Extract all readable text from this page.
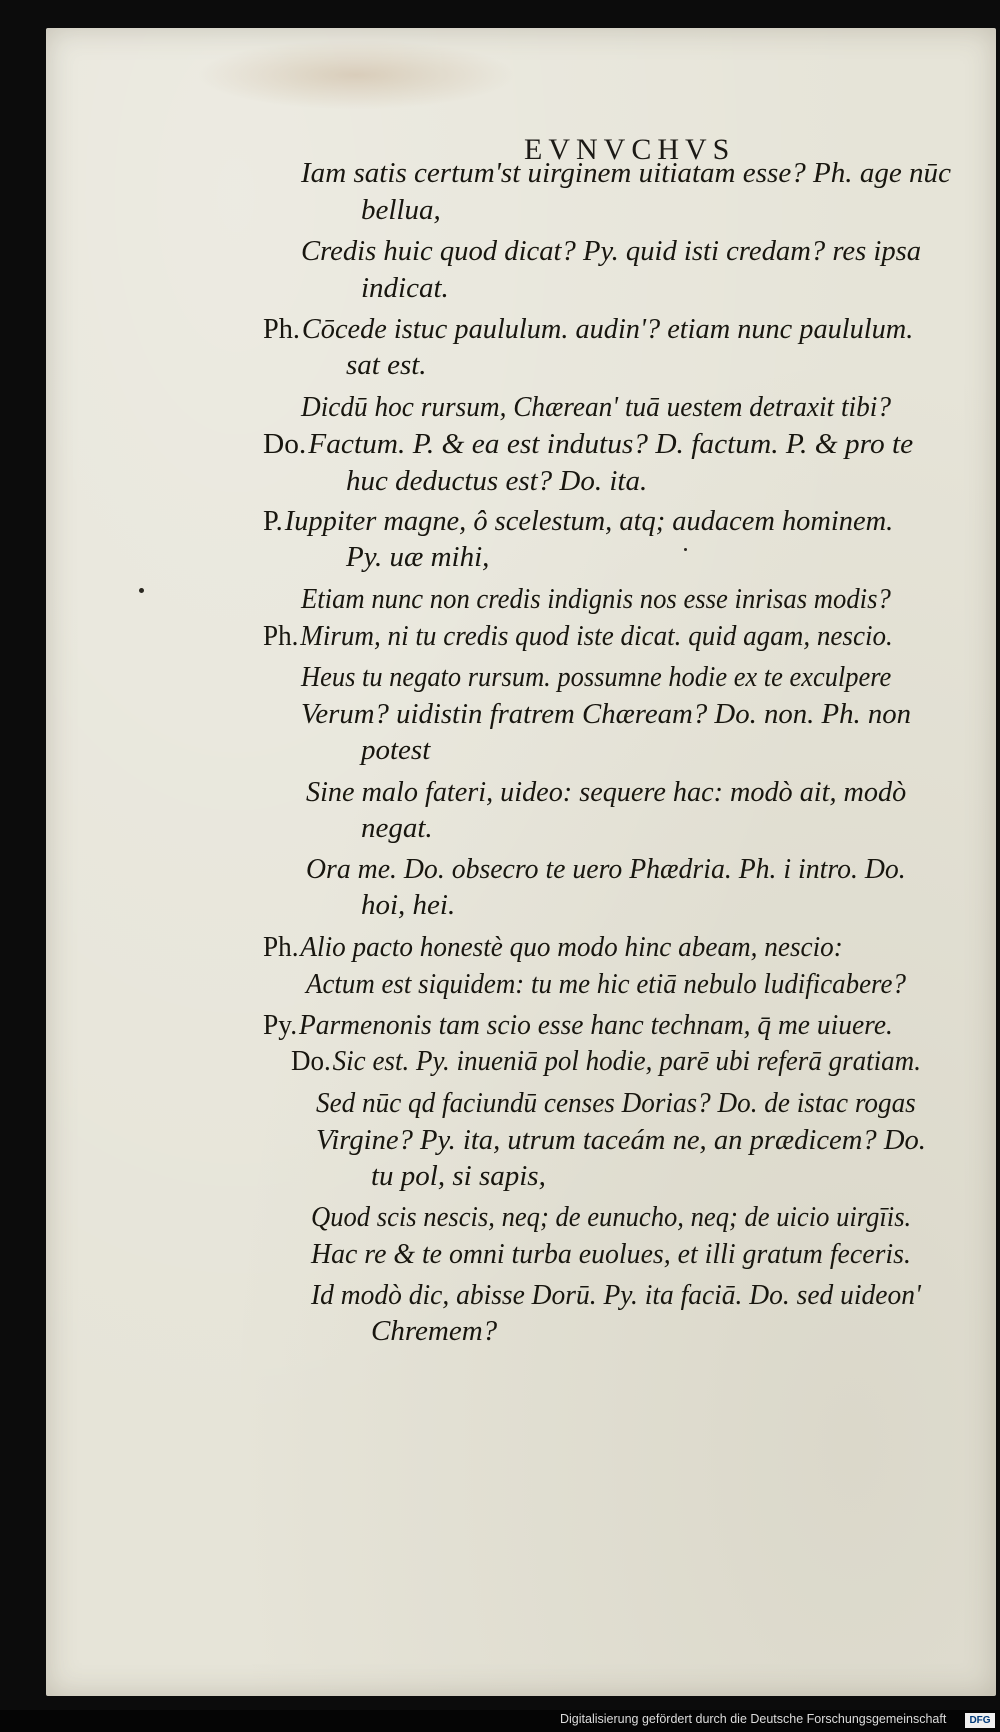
EVNVCHVS
Iam satis certum'st uirginem uitiatam esse? Ph. age nūc
bellua,
Credis huic quod dicat? Py. quid isti credam? res ipsa
indicat.
Ph.Cōcede istuc paululum. audin'? etiam nunc paululum.
sat est.
Dicdū hoc rursum, Chærean' tuā uestem detraxit tibi?
Do.Factum. P. & ea est indutus? D. factum. P. & pro te
huc deductus est? Do. ita.
P.Iuppiter magne, ô scelestum, atq; audacem hominem.
Py. uæ mihi,
Etiam nunc non credis indignis nos esse inrisas modis?
Ph.Mirum, ni tu credis quod iste dicat. quid agam, nescio.
Heus tu negato rursum. possumne hodie ex te exculpere
Verum? uidistin fratrem Chæream? Do. non. Ph. non
potest
Sine malo fateri, uideo: sequere hac: modò ait, modò
negat.
Ora me. Do. obsecro te uero Phædria. Ph. i intro. Do.
hoi, hei.
Ph.Alio pacto honestè quo modo hinc abeam, nescio:
Actum est siquidem: tu me hic etiā nebulo ludificabere?
Py.Parmenonis tam scio esse hanc technam, q̄ me uiuere.
Do.Sic est. Py. inueniā pol hodie, parē ubi referā gratiam.
Sed nūc qd faciundū censes Dorias? Do. de istac rogas
Virgine? Py. ita, utrum taceám ne, an prædicem? Do.
tu pol, si sapis,
Quod scis nescis, neq; de eunucho, neq; de uicio uirgīis.
Hac re & te omni turba euolues, et illi gratum feceris.
Id modò dic, abisse Dorū. Py. ita faciā. Do. sed uideon'
Chremem?
Digitalisierung gefördert durch die Deutsche Forschungsgemeinschaft	DFG
